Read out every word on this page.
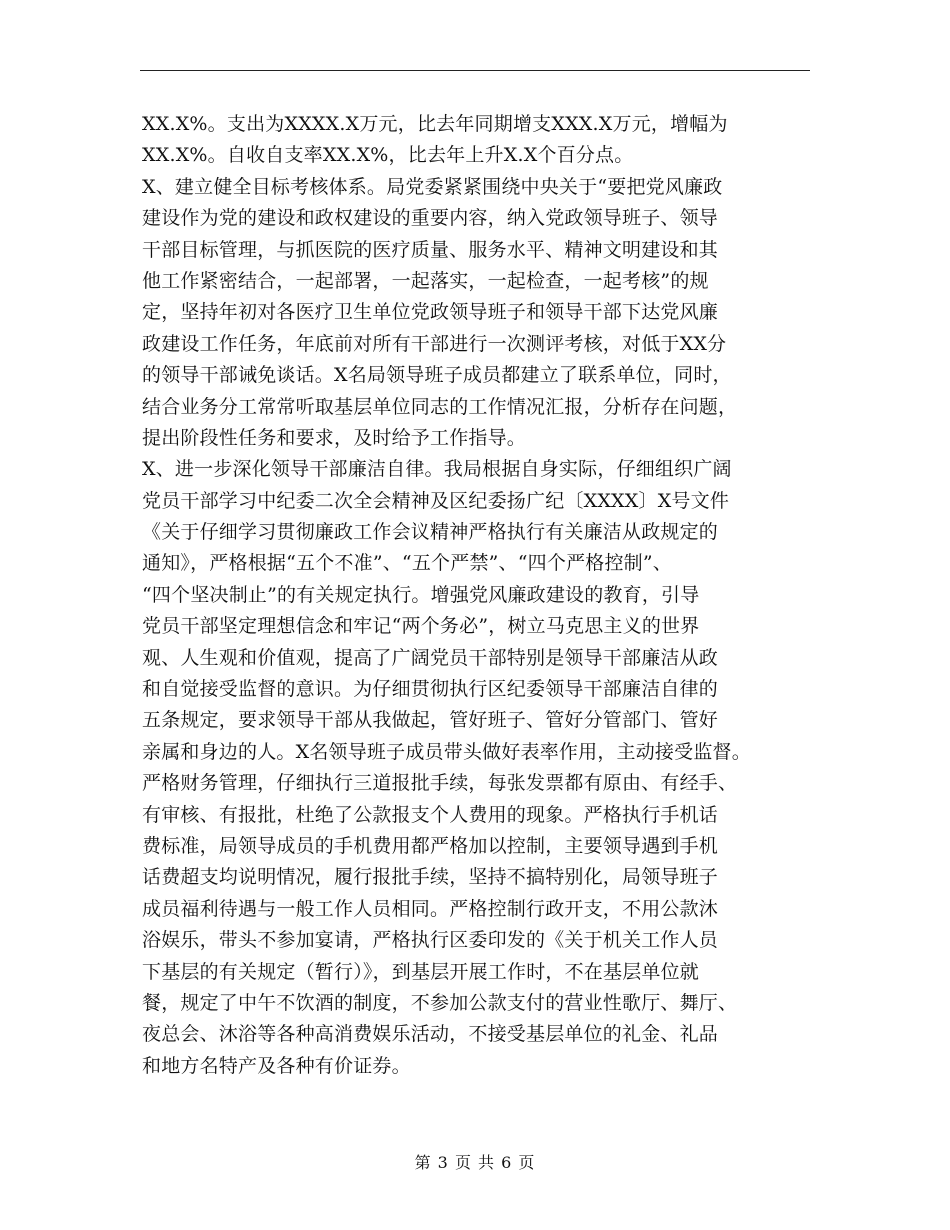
XX.X%。支出为XXXX.X万元，比去年同期增支XXX.X万元，增幅为
XX.X%。自收自支率XX.X%，比去年上升X.X个百分点。
X、建立健全目标考核体系。局党委紧紧围绕中央关于“要把党风廉政
建设作为党的建设和政权建设的重要内容，纳入党政领导班子、领导
干部目标管理，与抓医院的医疗质量、服务水平、精神文明建设和其
他工作紧密结合，一起部署，一起落实，一起检查，一起考核”的规
定，坚持年初对各医疗卫生单位党政领导班子和领导干部下达党风廉
政建设工作任务，年底前对所有干部进行一次测评考核，对低于XX分
的领导干部诫免谈话。X名局领导班子成员都建立了联系单位，同时，
结合业务分工常常听取基层单位同志的工作情况汇报，分析存在问题，
提出阶段性任务和要求，及时给予工作指导。
X、进一步深化领导干部廉洁自律。我局根据自身实际，仔细组织广阔
党员干部学习中纪委二次全会精神及区纪委扬广纪〔XXXX〕X号文件
《关于仔细学习贯彻廉政工作会议精神严格执行有关廉洁从政规定的
通知》，严格根据“五个不准”、“五个严禁”、“四个严格控制”、
“四个坚决制止”的有关规定执行。增强党风廉政建设的教育，引导
党员干部坚定理想信念和牢记“两个务必”，树立马克思主义的世界
观、人生观和价值观，提高了广阔党员干部特别是领导干部廉洁从政
和自觉接受监督的意识。为仔细贯彻执行区纪委领导干部廉洁自律的
五条规定，要求领导干部从我做起，管好班子、管好分管部门、管好
亲属和身边的人。X名领导班子成员带头做好表率作用，主动接受监督。
严格财务管理，仔细执行三道报批手续，每张发票都有原由、有经手、
有审核、有报批，杜绝了公款报支个人费用的现象。严格执行手机话
费标准，局领导成员的手机费用都严格加以控制，主要领导遇到手机
话费超支均说明情况，履行报批手续，坚持不搞特别化，局领导班子
成员福利待遇与一般工作人员相同。严格控制行政开支，不用公款沐
浴娱乐，带头不参加宴请，严格执行区委印发的《关于机关工作人员
下基层的有关规定（暂行）》，到基层开展工作时，不在基层单位就
餐，规定了中午不饮酒的制度，不参加公款支付的营业性歌厅、舞厅、
夜总会、沐浴等各种高消费娱乐活动，不接受基层单位的礼金、礼品
和地方名特产及各种有价证券。
第 3 页 共 6 页
